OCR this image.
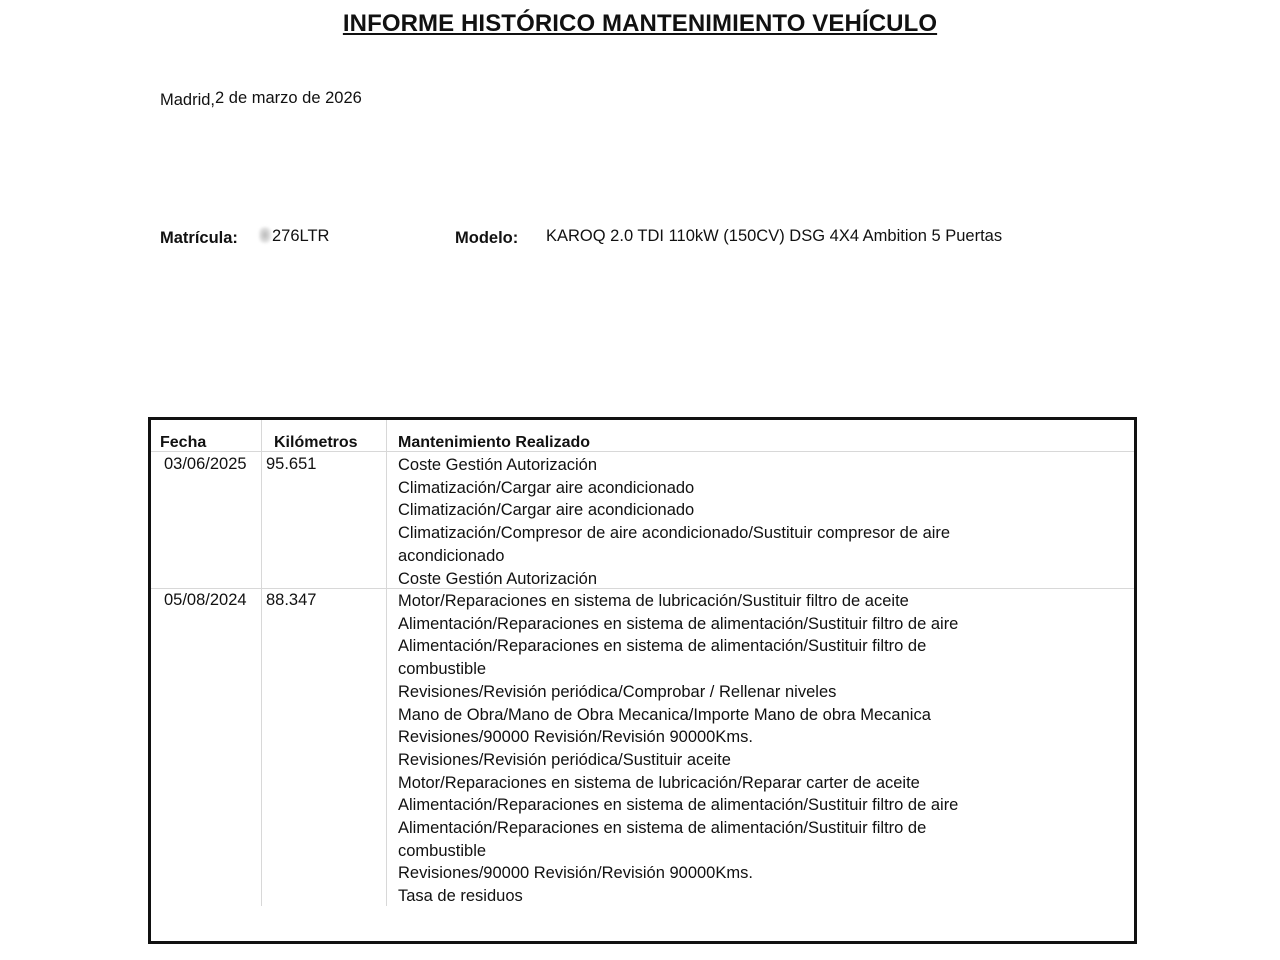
INFORME HISTÓRICO MANTENIMIENTO VEHÍCULO
Madrid,2 de marzo de 2026
Matrícula:	276LTR	Modelo: KAROQ 2.0 TDI 110kW (150CV) DSG 4X4 Ambition 5 Puertas
Fecha	Kilómetros	Mantenimiento Realizado
03/06/2025 95.651	Coste Gestión Autorización
Climatización/Cargar aire acondicionado
Climatización/Cargar aire acondicionado
Climatización/Compresor de aire acondicionado/Sustituir compresor de aire
acondicionado
Coste Gestión Autorización
05/08/2024 88.347	Motor/Reparaciones en sistema de lubricación/Sustituir filtro de aceite
Alimentación/Reparaciones en sistema de alimentación/Sustituir filtro de aire
Alimentación/Reparaciones en sistema de alimentación/Sustituir filtro de
combustible
Revisiones/Revisión periódica/Comprobar / Rellenar niveles
Mano de Obra/Mano de Obra Mecanica/Importe Mano de obra Mecanica
Revisiones/90000 Revisión/Revisión 90000Kms.
Revisiones/Revisión periódica/Sustituir aceite
Motor/Reparaciones en sistema de lubricación/Reparar carter de aceite
Alimentación/Reparaciones en sistema de alimentación/Sustituir filtro de aire
Alimentación/Reparaciones en sistema de alimentación/Sustituir filtro de
combustible
Revisiones/90000 Revisión/Revisión 90000Kms.
Tasa de residuos
